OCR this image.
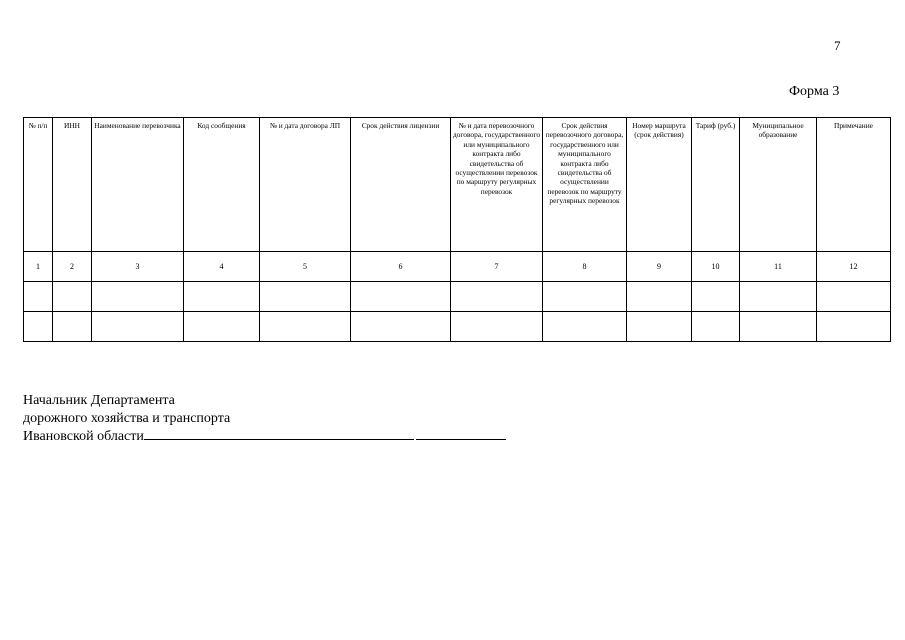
7
Форма 3
№ п/п	ИНН	Наименование перевозчика	Код сообщения	№ и дата договора ЛП	Срок действия лицензии	№ и дата перевозочного договора, государственного или муниципального контракта либо свидетельства об осуществлении перевозок по маршруту регулярных перевозок	Срок действия перевозочного договора, государственного или муниципального контракта либо свидетельства об осуществлении перевозок по маршруту регулярных перевозок	Номер маршрута (срок действия)	Тариф (руб.)	Муниципальное образование	Примечание
1	2	3	4	5	6	7	8	9	10	11	12

Начальник Департамента
дорожного хозяйства и транспорта
Ивановской области
